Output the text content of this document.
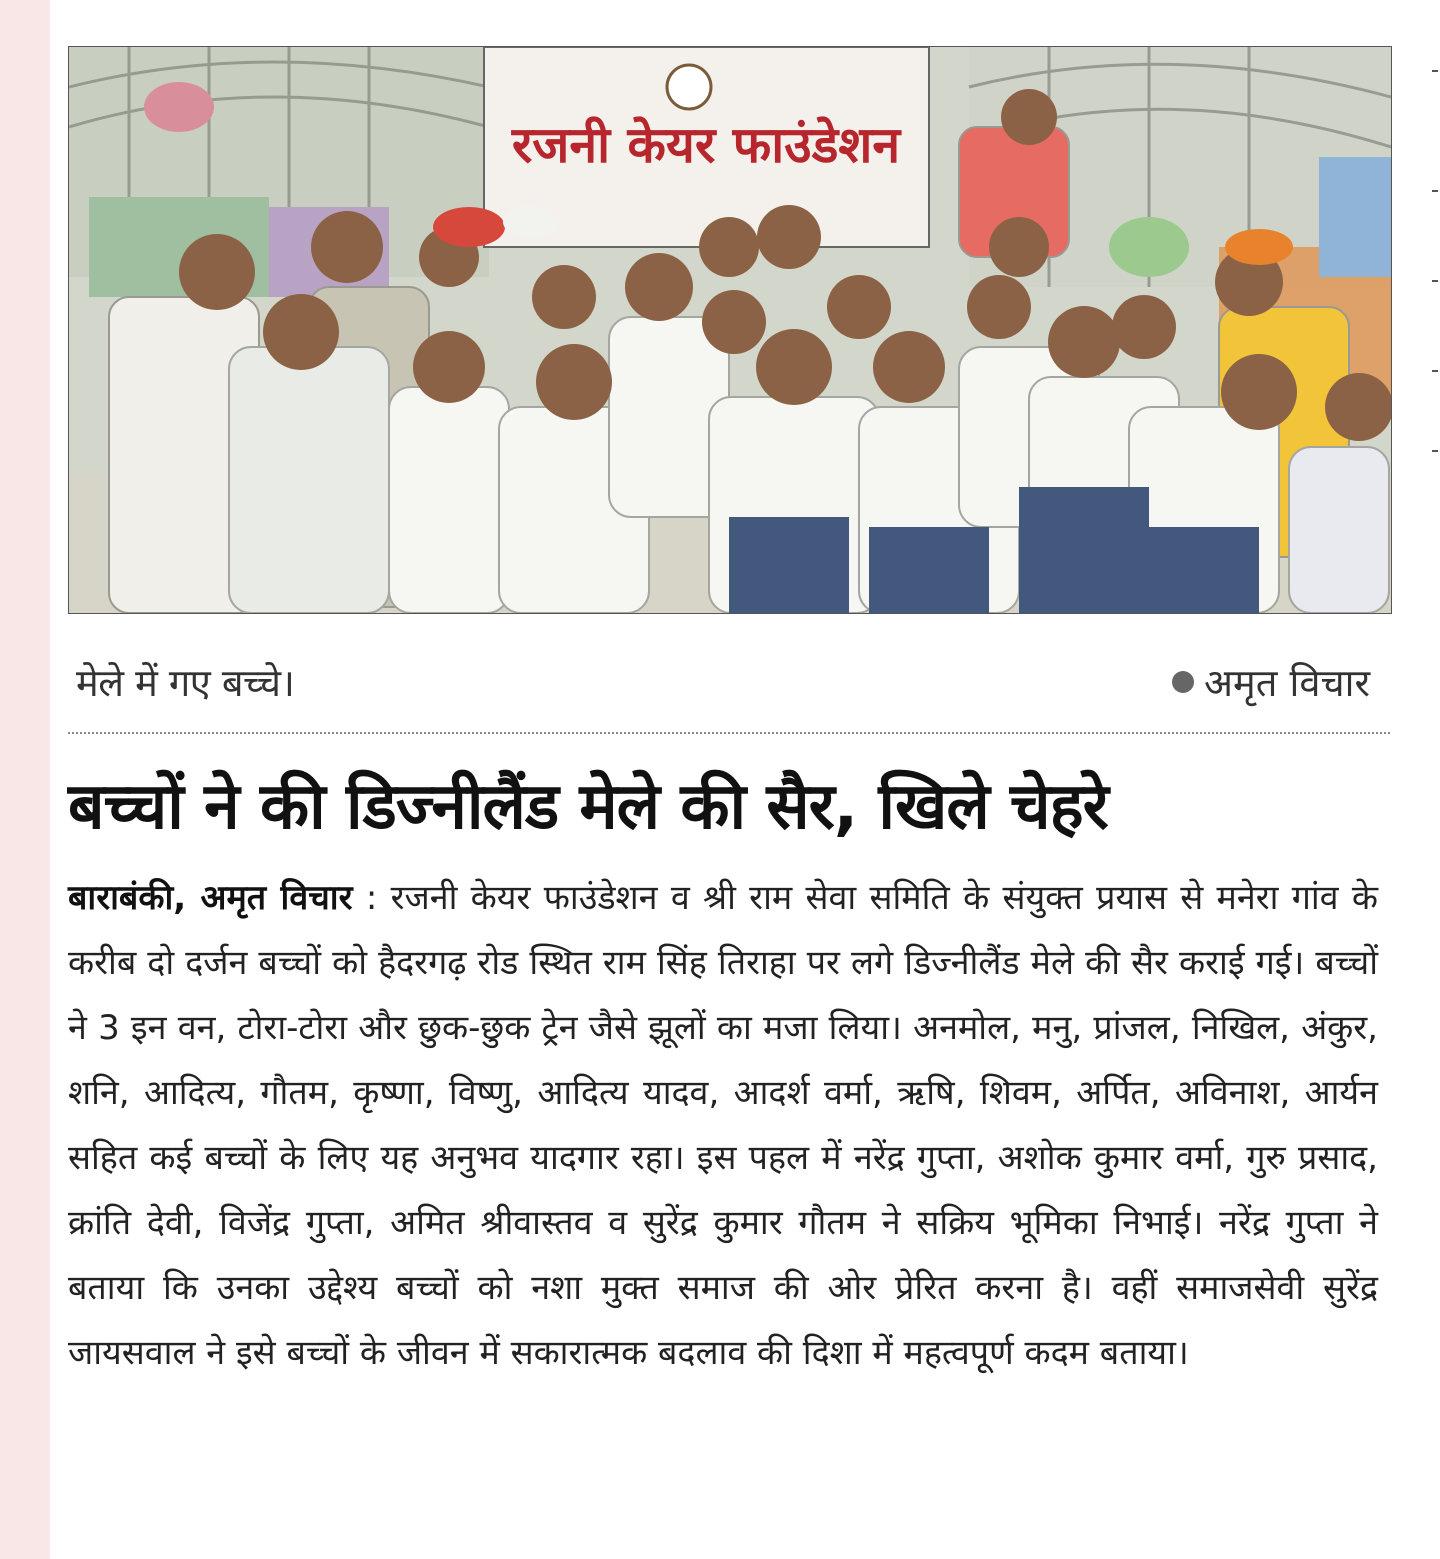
रजनी केयर फाउंडेशन
मेले में गए बच्चे।	अमृत विचार
बच्चों ने की डिज्नीलैंड मेले की सैर, खिले चेहरे
बाराबंकी, अमृत विचार : रजनी केयर फाउंडेशन व श्री राम सेवा समिति के संयुक्त प्रयास से मनेरा गांव के करीब दो दर्जन बच्चों को हैदरगढ़ रोड स्थित राम सिंह तिराहा पर लगे डिज्नीलैंड मेले की सैर कराई गई। बच्चों ने 3 इन वन, टोरा-टोरा और छुक-छुक ट्रेन जैसे झूलों का मजा लिया। अनमोल, मनु, प्रांजल, निखिल, अंकुर, शनि, आदित्य, गौतम, कृष्णा, विष्णु, आदित्य यादव, आदर्श वर्मा, ऋषि, शिवम, अर्पित, अविनाश, आर्यन सहित कई बच्चों के लिए यह अनुभव यादगार रहा। इस पहल में नरेंद्र गुप्ता, अशोक कुमार वर्मा, गुरु प्रसाद, क्रांति देवी, विजेंद्र गुप्ता, अमित श्रीवास्तव व सुरेंद्र कुमार गौतम ने सक्रिय भूमिका निभाई। नरेंद्र गुप्ता ने बताया कि उनका उद्देश्य बच्चों को नशा मुक्त समाज की ओर प्रेरित करना है। वहीं समाजसेवी सुरेंद्र जायसवाल ने इसे बच्चों के जीवन में सकारात्मक बदलाव की दिशा में महत्वपूर्ण कदम बताया।
